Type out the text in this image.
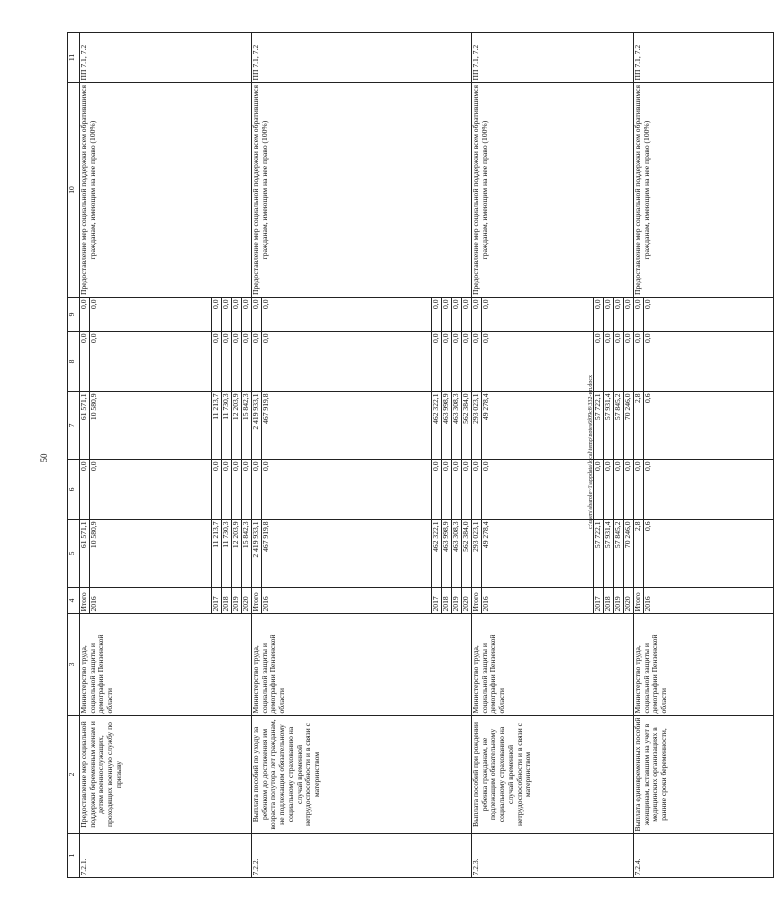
50	c:\users\sbarole~1\appdata\local\temp\notes6f09c8\332-ип.docx
1	2	3	4	5	6	7	8	9	10	11
7.2.1.	Предоставление мер социальной поддержки беременным женам и детям военнослужащих, проходящих военную службу по призыву	Министерство труда, социальной защиты и демографии Пензенской области	Итого	61 571,1	0,0	61 571,1	0,0	0,0	Предоставление мер социальной поддержки всем обратившимся гражданам, имеющим на нее право (100%)	ПП 7.1, 7.2
			2016	10 580,9	0,0	10 580,9	0,0	0,0		
			2017	11 213,7	0,0	11 213,7	0,0	0,0		
			2018	11 730,3	0,0	11 730,3	0,0	0,0		
			2019	12 203,9	0,0	12 203,9	0,0	0,0		
			2020	15 842,3	0,0	15 842,3	0,0	0,0		
7.2.2.	Выплата пособий по уходу за ребенком до достижения им возраста полутора лет гражданам, не подлежащим обязательному социальному страхованию на случай временной нетрудоспособности и в связи с материнством	Министерство труда, социальной защиты и демографии Пензенской области	Итого	2 419 933,1	0,0	2 419 933,1	0,0	0,0	Предоставление мер социальной поддержки всем обратившимся гражданам, имеющим на нее право (100%)	ПП 7.1, 7.2
			2016	467 919,8	0,0	467 919,8	0,0	0,0		
			2017	462 322,1	0,0	462 322,1	0,0	0,0		
			2018	463 998,9	0,0	463 998,9	0,0	0,0		
			2019	463 308,3	0,0	463 308,3	0,0	0,0		
			2020	562 384,0	0,0	562 384,0	0,0	0,0		
7.2.3.	Выплата пособий при рождении ребенка гражданам, не подлежащим обязательному социальному страхованию на случай временной нетрудоспособности и в связи с материнством	Министерство труда, социальной защиты и демографии Пензенской области	Итого	293 023,1	0,0	293 023,1	0,0	0,0	Предоставление мер социальной поддержки всем обратившимся гражданам, имеющим на нее право (100%)	ПП 7.1, 7.2
			2016	49 278,4	0,0	49 278,4	0,0	0,0		
			2017	57 722,1	0,0	57 722,1	0,0	0,0		
			2018	57 931,4	0,0	57 931,4	0,0	0,0		
			2019	57 845,2	0,0	57 845,2	0,0	0,0		
			2020	70 246,0	0,0	70 246,0	0,0	0,0		
7.2.4.	Выплата единовременных пособий женщинам, вставшим на учет в медицинских организациях в ранние сроки беременности,	Министерство труда, социальной защиты и демографии Пензенской области	Итого	2,8	0,0	2,8	0,0	0,0	Предоставление мер социальной поддержки всем обратившимся гражданам, имеющим на нее право (100%)	ПП 7.1, 7.2
			2016	0,6	0,0	0,6	0,0	0,0		
